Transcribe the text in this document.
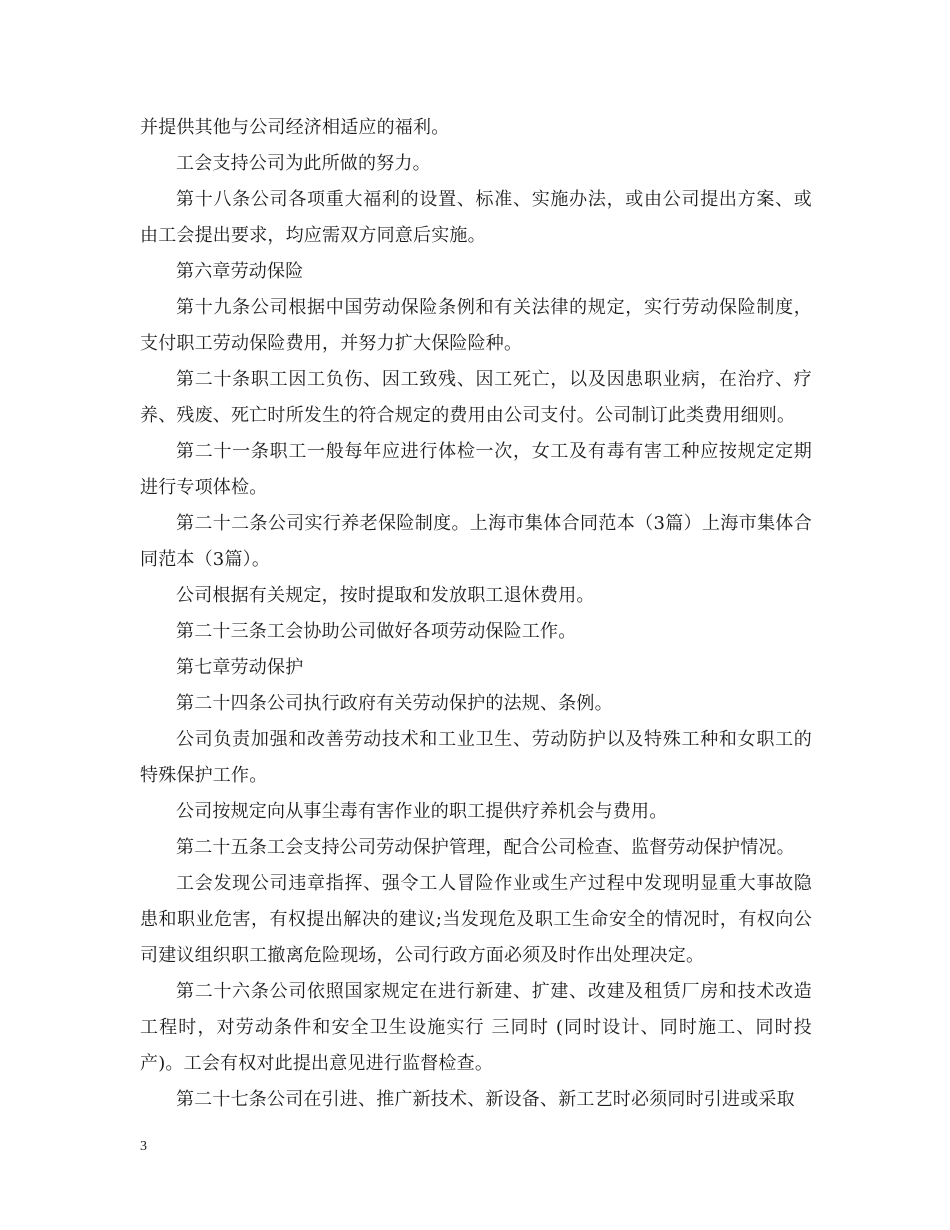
并提供其他与公司经济相适应的福利。

工会支持公司为此所做的努力。

第十八条公司各项重大福利的设置、标准、实施办法，或由公司提出方案、或由工会提出要求，均应需双方同意后实施。

第六章劳动保险

第十九条公司根据中国劳动保险条例和有关法律的规定，实行劳动保险制度，支付职工劳动保险费用，并努力扩大保险险种。

第二十条职工因工负伤、因工致残、因工死亡，以及因患职业病，在治疗、疗养、残废、死亡时所发生的符合规定的费用由公司支付。公司制订此类费用细则。

第二十一条职工一般每年应进行体检一次，女工及有毒有害工种应按规定定期进行专项体检。

第二十二条公司实行养老保险制度。上海市集体合同范本（3篇）上海市集体合同范本（3篇）。

公司根据有关规定，按时提取和发放职工退休费用。

第二十三条工会协助公司做好各项劳动保险工作。

第七章劳动保护

第二十四条公司执行政府有关劳动保护的法规、条例。

公司负责加强和改善劳动技术和工业卫生、劳动防护以及特殊工种和女职工的特殊保护工作。

公司按规定向从事尘毒有害作业的职工提供疗养机会与费用。

第二十五条工会支持公司劳动保护管理，配合公司检查、监督劳动保护情况。

工会发现公司违章指挥、强令工人冒险作业或生产过程中发现明显重大事故隐患和职业危害，有权提出解决的建议;当发现危及职工生命安全的情况时，有权向公司建议组织职工撤离危险现场，公司行政方面必须及时作出处理决定。

第二十六条公司依照国家规定在进行新建、扩建、改建及租赁厂房和技术改造工程时，对劳动条件和安全卫生设施实行 三同时 (同时设计、同时施工、同时投产)。工会有权对此提出意见进行监督检查。

第二十七条公司在引进、推广新技术、新设备、新工艺时必须同时引进或采取

3
